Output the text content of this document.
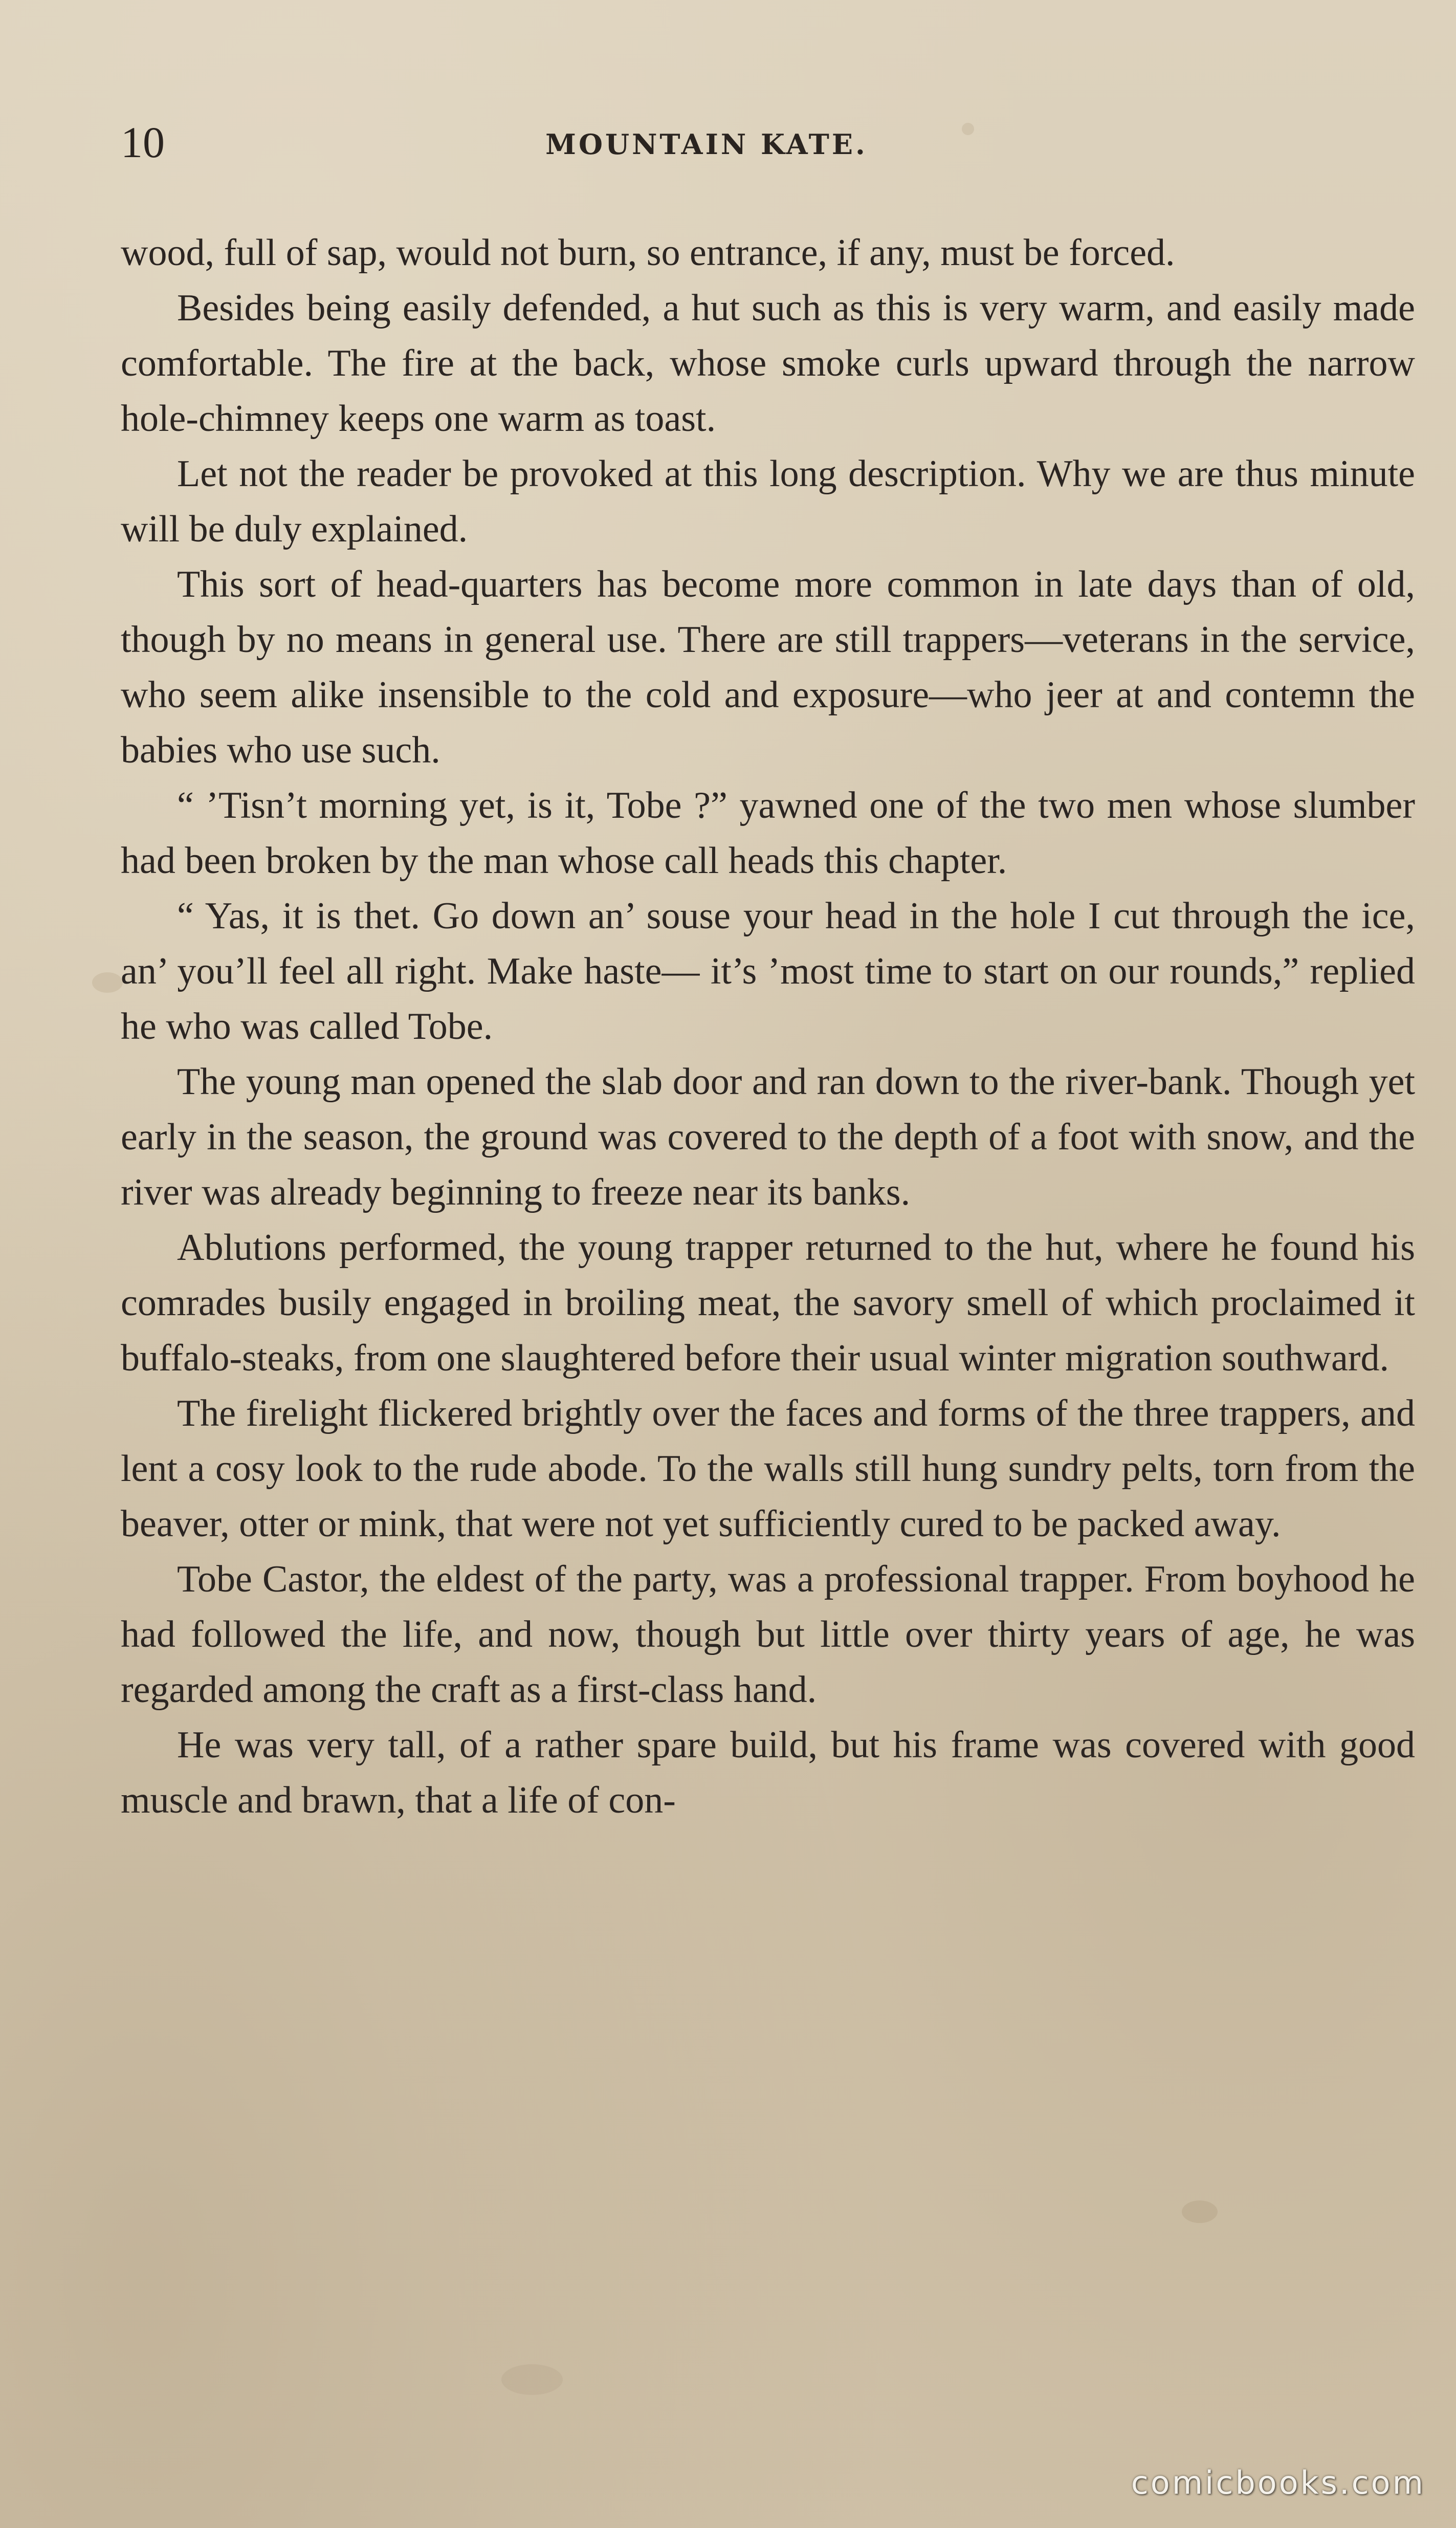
10	MOUNTAIN KATE.

wood, full of sap, would not burn, so entrance, if any, must be forced.

Besides being easily defended, a hut such as this is very warm, and easily made comfortable. The fire at the back, whose smoke curls upward through the narrow hole-chimney keeps one warm as toast.

Let not the reader be provoked at this long description. Why we are thus minute will be duly explained.

This sort of head-quarters has become more common in late days than of old, though by no means in general use. There are still trappers—veterans in the service, who seem alike insensible to the cold and exposure—who jeer at and contemn the babies who use such.

“ ’Tisn’t morning yet, is it, Tobe ?” yawned one of the two men whose slumber had been broken by the man whose call heads this chapter.

“ Yas, it is thet. Go down an’ souse your head in the hole I cut through the ice, an’ you’ll feel all right. Make haste— it’s ’most time to start on our rounds,” replied he who was called Tobe.

The young man opened the slab door and ran down to the river-bank. Though yet early in the season, the ground was covered to the depth of a foot with snow, and the river was already beginning to freeze near its banks.

Ablutions performed, the young trapper returned to the hut, where he found his comrades busily engaged in broiling meat, the savory smell of which proclaimed it buffalo-steaks, from one slaughtered before their usual winter migration southward.

The firelight flickered brightly over the faces and forms of the three trappers, and lent a cosy look to the rude abode. To the walls still hung sundry pelts, torn from the beaver, otter or mink, that were not yet sufficiently cured to be packed away.

Tobe Castor, the eldest of the party, was a professional trapper. From boyhood he had followed the life, and now, though but little over thirty years of age, he was regarded among the craft as a first-class hand.

He was very tall, of a rather spare build, but his frame was covered with good muscle and brawn, that a life of con-

comicbooks.com
